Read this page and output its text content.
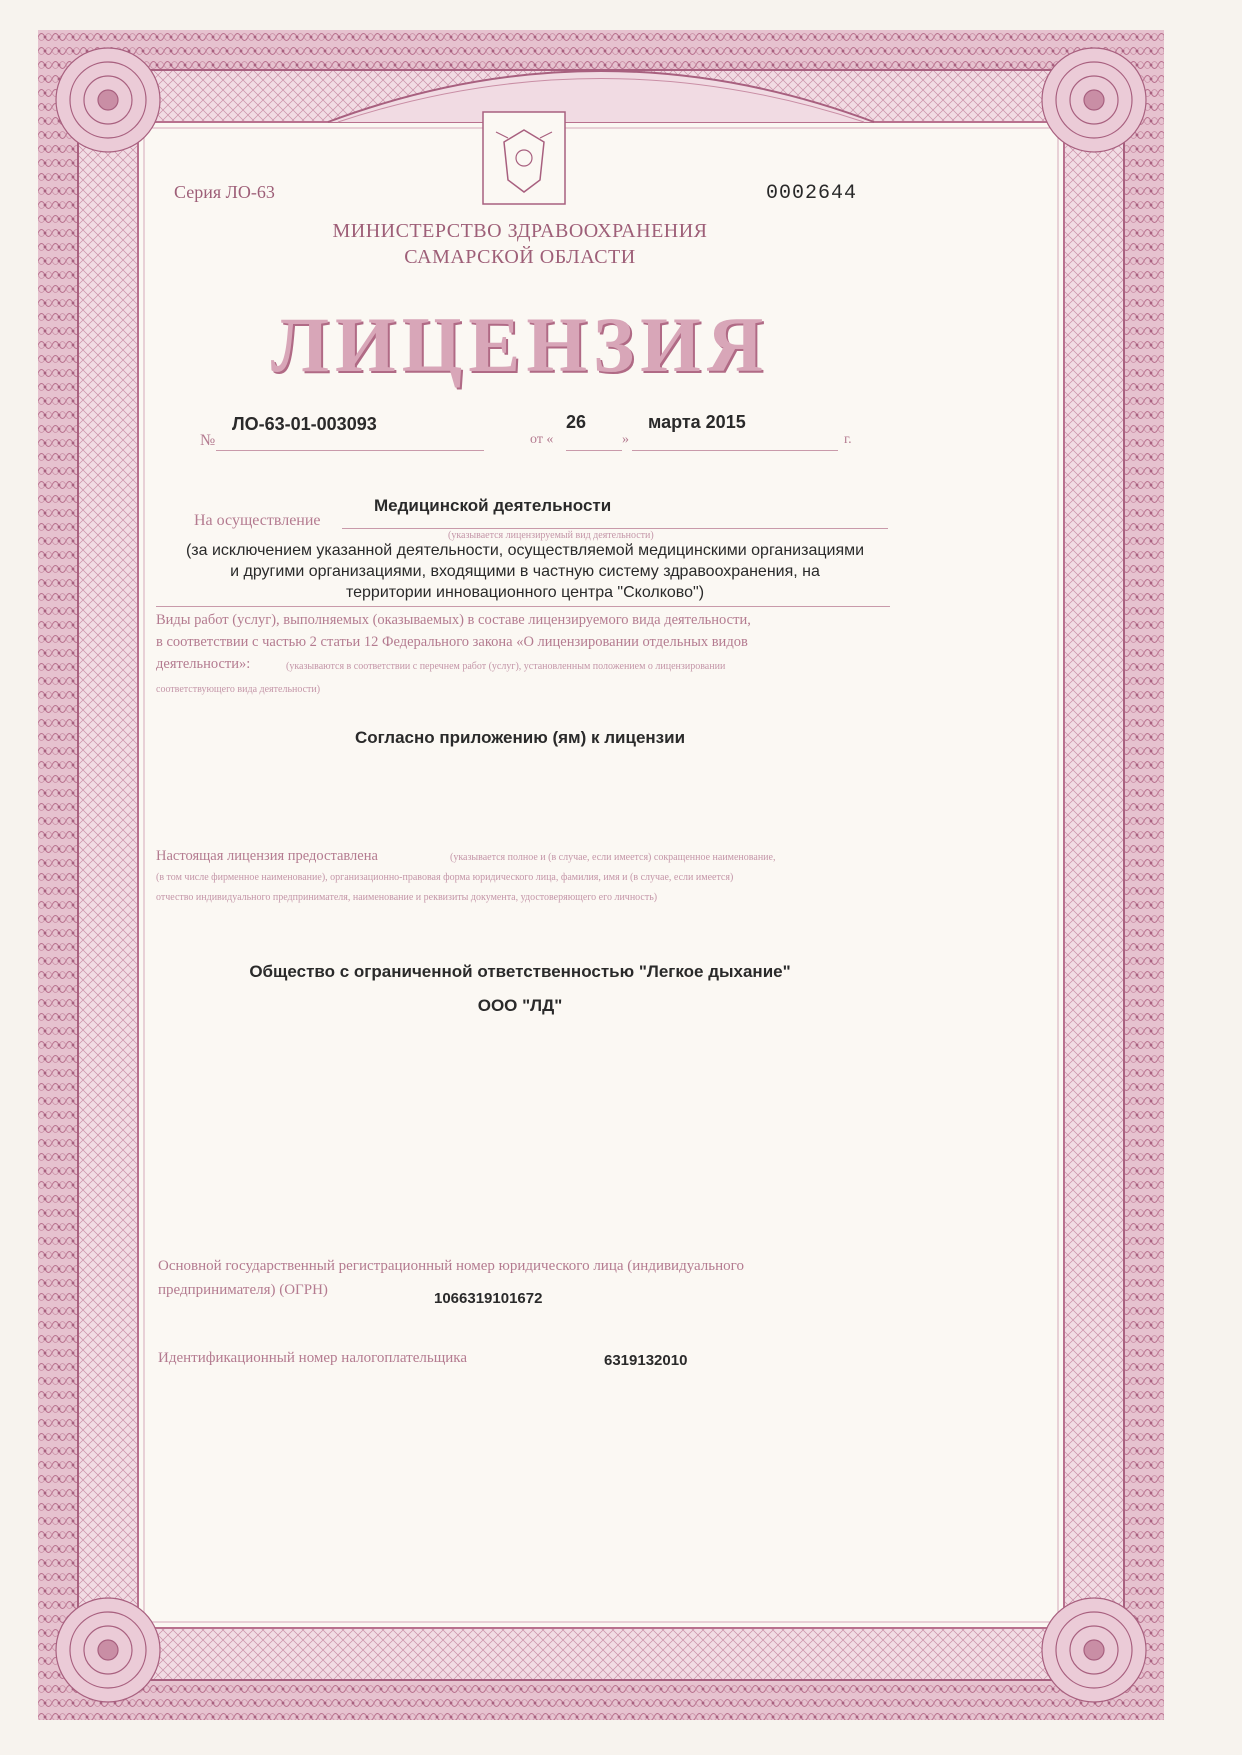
Серия ЛО-63	0002644
МИНИСТЕРСТВО ЗДРАВООХРАНЕНИЯ
САМАРСКОЙ ОБЛАСТИ
ЛИЦЕНЗИЯ
№
ЛО-63-01-003093
от «
26
»
марта 2015
г.
На осуществление
Медицинской деятельности
(указывается лицензируемый вид деятельности)
(за исключением указанной деятельности, осуществляемой медицинскими организациями
и другими организациями, входящими в частную систему здравоохранения, на
территории инновационного центра "Сколково")
Виды работ (услуг), выполняемых (оказываемых) в составе лицензируемого вида деятельности,
в соответствии с частью 2 статьи 12 Федерального закона «О лицензировании отдельных видов
деятельности»:	(указываются в соответствии с перечнем работ (услуг), установленным положением о лицензировании
соответствующего вида деятельности)
Согласно приложению (ям) к лицензии
Настоящая лицензия предоставлена	(указывается полное и (в случае, если имеется) сокращенное наименование,
(в том числе фирменное наименование), организационно-правовая форма юридического лица, фамилия, имя и (в случае, если имеется)
отчество индивидуального предпринимателя, наименование и реквизиты документа, удостоверяющего его личность)
Общество с ограниченной ответственностью "Легкое дыхание"
ООО "ЛД"
Основной государственный регистрационный номер юридического лица (индивидуального
предпринимателя) (ОГРН)	1066319101672
Идентификационный номер налогоплательщика	6319132010
